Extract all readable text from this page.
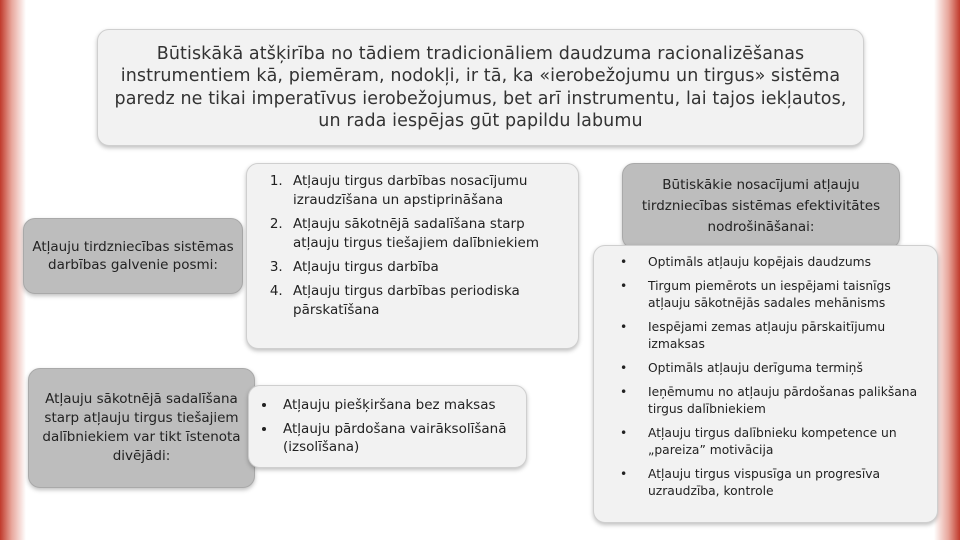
Būtiskākā atšķirība no tādiem tradicionāliem daudzuma racionalizēšanas instrumentiem kā, piemēram, nodokļi, ir tā, ka «ierobežojumu un tirgus» sistēma paredz ne tikai imperatīvus ierobežojumus, bet arī instrumentu, lai tajos iekļautos, un rada iespējas gūt papildu labumu
Atļauju tirdzniecības sistēmas darbības galvenie posmi:
1. Atļauju tirgus darbības nosacījumu izraudzīšana un apstiprināšana
2. Atļauju sākotnējā sadalīšana starp atļauju tirgus tiešajiem dalībniekiem
3. Atļauju tirgus darbība
4. Atļauju tirgus darbības periodiska pārskatīšana
Atļauju sākotnējā sadalīšana starp atļauju tirgus tiešajiem dalībniekiem var tikt īstenota divējādi:
• Atļauju piešķiršana bez maksas
• Atļauju pārdošana vairāksolīšanā (izsolīšana)
Būtiskākie nosacījumi atļauju tirdzniecības sistēmas efektivitātes nodrošināšanai:
• Optimāls atļauju kopējais daudzums
• Tirgum piemērots un iespējami taisnīgs atļauju sākotnējās sadales mehānisms
• Iespējami zemas atļauju pārskaitījumu izmaksas
• Optimāls atļauju derīguma termiņš
• Ieņēmumu no atļauju pārdošanas palikšana tirgus dalībniekiem
• Atļauju tirgus dalībnieku kompetence un „pareiza” motivācija
• Atļauju tirgus vispusīga un progresīva uzraudzība, kontrole
